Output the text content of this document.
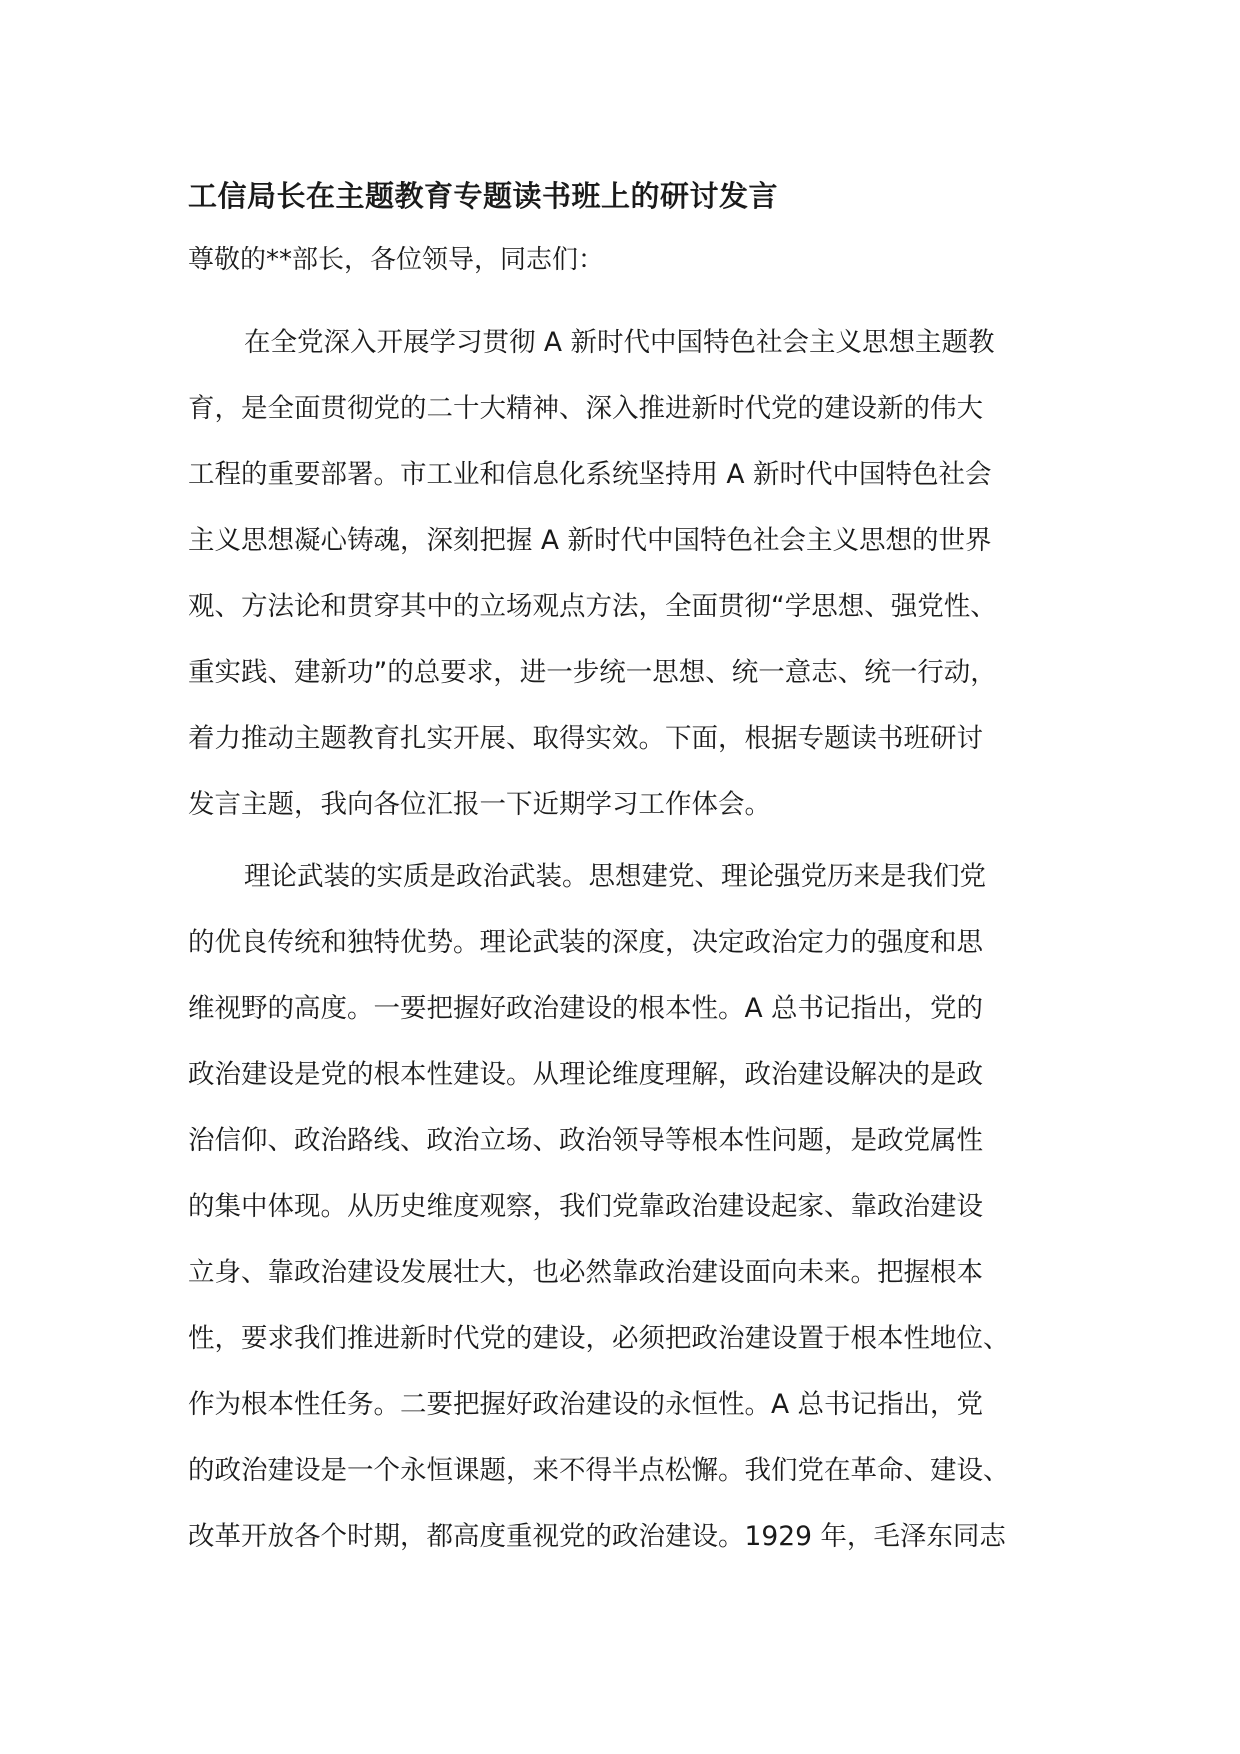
工信局长在主题教育专题读书班上的研讨发言

尊敬的**部长，各位领导，同志们：

在全党深入开展学习贯彻 A 新时代中国特色社会主义思想主题教
育，是全面贯彻党的二十大精神、深入推进新时代党的建设新的伟大
工程的重要部署。市工业和信息化系统坚持用 A 新时代中国特色社会
主义思想凝心铸魂，深刻把握 A 新时代中国特色社会主义思想的世界
观、方法论和贯穿其中的立场观点方法，全面贯彻“学思想、强党性、
重实践、建新功”的总要求，进一步统一思想、统一意志、统一行动，
着力推动主题教育扎实开展、取得实效。下面，根据专题读书班研讨
发言主题，我向各位汇报一下近期学习工作体会。
理论武装的实质是政治武装。思想建党、理论强党历来是我们党
的优良传统和独特优势。理论武装的深度，决定政治定力的强度和思
维视野的高度。一要把握好政治建设的根本性。A 总书记指出，党的
政治建设是党的根本性建设。从理论维度理解，政治建设解决的是政
治信仰、政治路线、政治立场、政治领导等根本性问题，是政党属性
的集中体现。从历史维度观察，我们党靠政治建设起家、靠政治建设
立身、靠政治建设发展壮大，也必然靠政治建设面向未来。把握根本
性，要求我们推进新时代党的建设，必须把政治建设置于根本性地位、
作为根本性任务。二要把握好政治建设的永恒性。A 总书记指出，党
的政治建设是一个永恒课题，来不得半点松懈。我们党在革命、建设、
改革开放各个时期，都高度重视党的政治建设。1929 年，毛泽东同志
